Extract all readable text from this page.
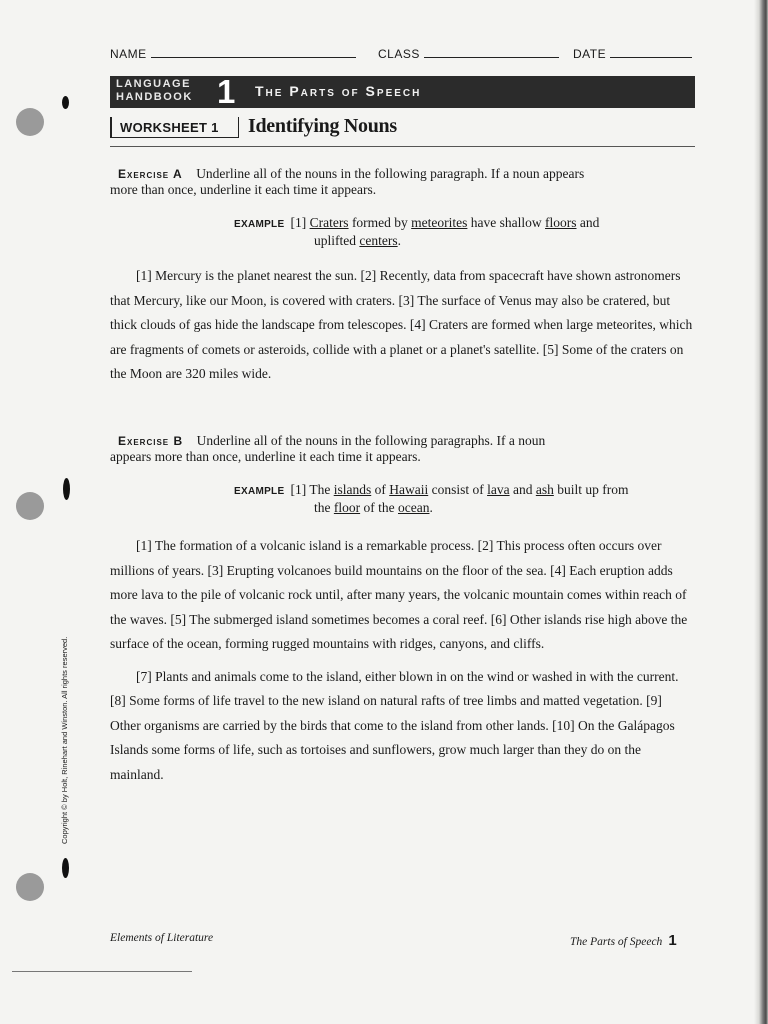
NAME	CLASS	DATE
LANGUAGE
HANDBOOK 1 The Parts of Speech
WORKSHEET 1 Identifying Nouns
Exercise A Underline all of the nouns in the following paragraph. If a noun appears
more than once, underline it each time it appears.
EXAMPLE [1] Craters formed by meteorites have shallow floors and
uplifted centers.

[1] Mercury is the planet nearest the sun. [2] Recently, data from spacecraft have shown astronomers that Mercury, like our Moon, is covered with craters. [3] The surface of Venus may also be cratered, but thick clouds of gas hide the landscape from telescopes. [4] Craters are formed when large meteorites, which are fragments of comets or asteroids, collide with a planet or a planet's satellite. [5] Some of the craters on the Moon are 320 miles wide.

Exercise B Underline all of the nouns in the following paragraphs. If a noun
appears more than once, underline it each time it appears.
EXAMPLE [1] The islands of Hawaii consist of lava and ash built up from
the floor of the ocean.

[1] The formation of a volcanic island is a remarkable process. [2] This process often occurs over millions of years. [3] Erupting volcanoes build mountains on the floor of the sea. [4] Each eruption adds more lava to the pile of volcanic rock until, after many years, the volcanic mountain comes within reach of the waves. [5] The submerged island sometimes becomes a coral reef. [6] Other islands rise high above the surface of the ocean, forming rugged mountains with ridges, canyons, and cliffs.

[7] Plants and animals come to the island, either blown in on the wind or washed in with the current. [8] Some forms of life travel to the new island on natural rafts of tree limbs and matted vegetation. [9] Other organisms are carried by the birds that come to the island from other lands. [10] On the Galápagos Islands some forms of life, such as tortoises and sunflowers, grow much larger than they do on the mainland.

Copyright © by Holt, Rinehart and Winston. All rights reserved.
Elements of Literature	The Parts of Speech 1
